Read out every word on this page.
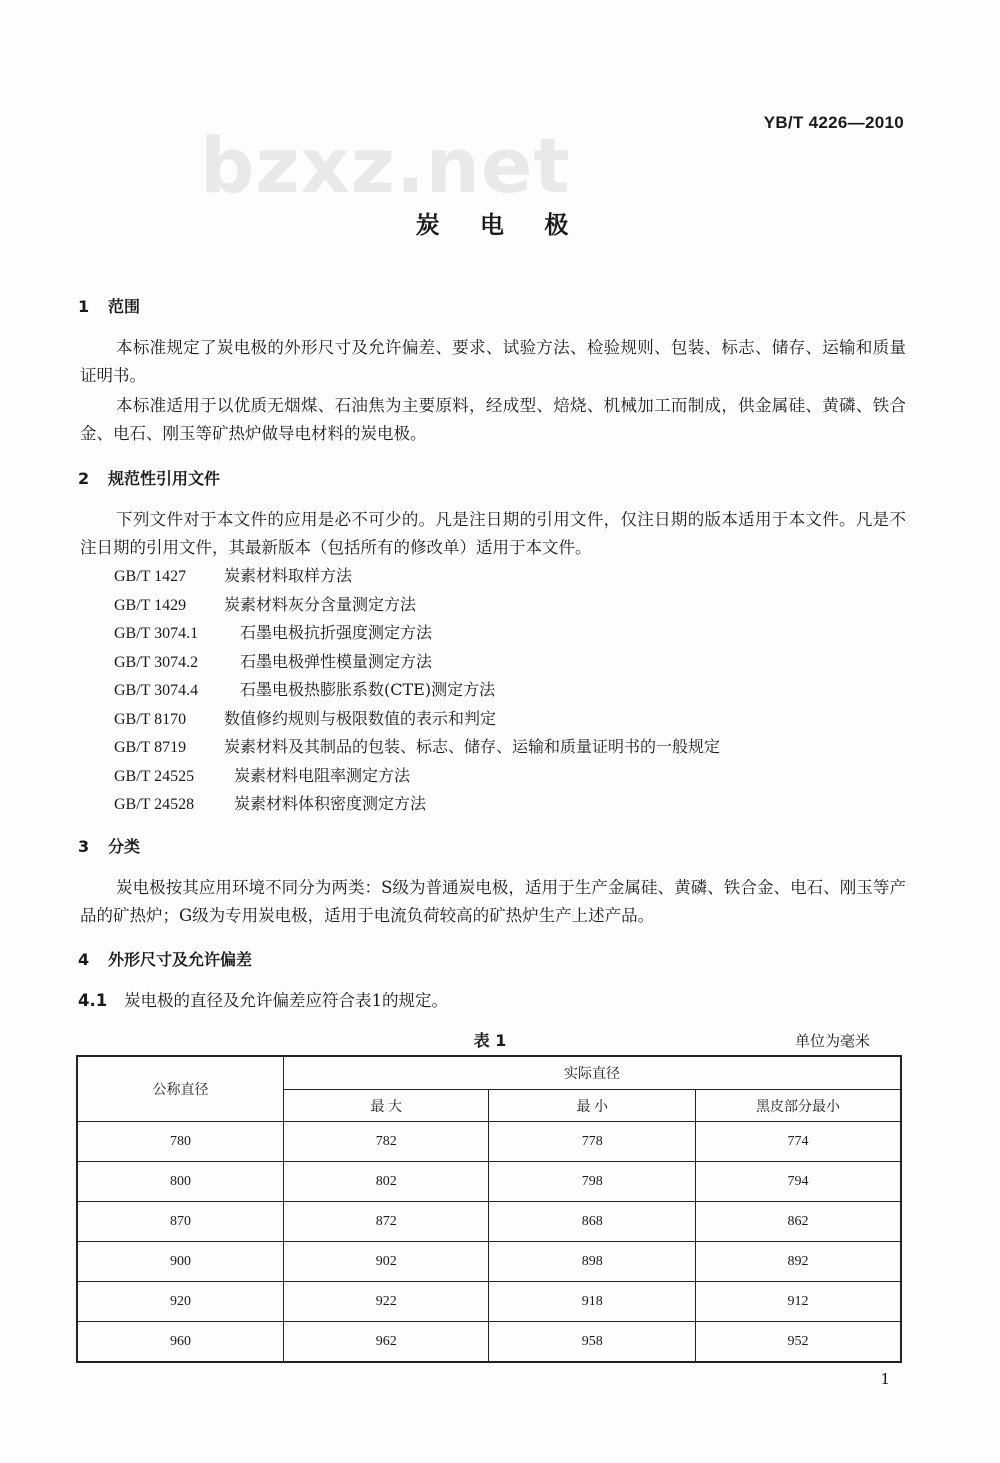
bzxz.net	YB/T 4226—2010
炭 电 极
1 范围
本标准规定了炭电极的外形尺寸及允许偏差、要求、试验方法、检验规则、包装、标志、储存、运输和质量证明书。
本标准适用于以优质无烟煤、石油焦为主要原料，经成型、焙烧、机械加工而制成，供金属硅、黄磷、铁合金、电石、刚玉等矿热炉做导电材料的炭电极。
2 规范性引用文件
下列文件对于本文件的应用是必不可少的。凡是注日期的引用文件，仅注日期的版本适用于本文件。凡是不注日期的引用文件，其最新版本（包括所有的修改单）适用于本文件。
GB/T 1427 炭素材料取样方法
GB/T 1429 炭素材料灰分含量测定方法
GB/T 3074.1	石墨电极抗折强度测定方法
GB/T 3074.2	石墨电极弹性模量测定方法
GB/T 3074.4	石墨电极热膨胀系数(CTE)测定方法
GB/T 8170 数值修约规则与极限数值的表示和判定
GB/T 8719 炭素材料及其制品的包装、标志、储存、运输和质量证明书的一般规定
GB/T 24525 炭素材料电阻率测定方法
GB/T 24528 炭素材料体积密度测定方法
3 分类
炭电极按其应用环境不同分为两类：S级为普通炭电极，适用于生产金属硅、黄磷、铁合金、电石、刚玉等产品的矿热炉；G级为专用炭电极，适用于电流负荷较高的矿热炉生产上述产品。
4 外形尺寸及允许偏差
4.1 炭电极的直径及允许偏差应符合表1的规定。
表 1	单位为毫米
公称直径	实际直径		
	最 大	最 小	黑皮部分最小
780	782	778	774
800	802	798	794
870	872	868	862
900	902	898	892
920	922	918	912
960	962	958	952
1
